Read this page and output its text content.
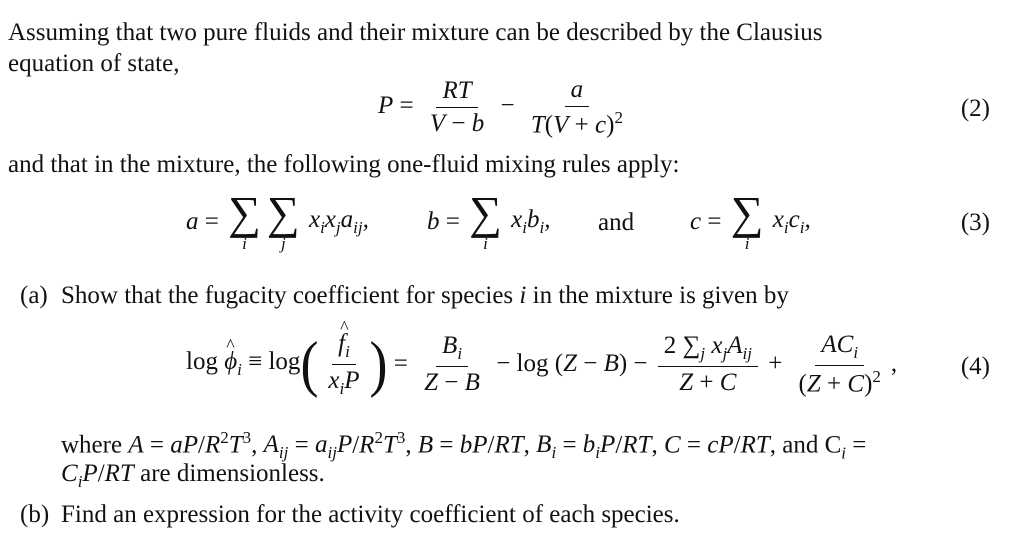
Assuming that two pure fluids and their mixture can be described by the Clausius
equation of state,
$P = \frac{RT}{V - b} - \frac{a}{T(V + c)^2}$	(2)
and that in the mixture, the following one-fluid mixing rules apply:
a = ∑
i
∑
j
$x_ix_ja_{ij}$, b = ∑
i
$x_ib_i$, and c = ∑
i
$x_ic_i$,	(3)
(a) Show that the fugacity coefficient for species i in the mixture is given by
log ^ $\phi_i \equiv \log$(
^ $\frac{f_i}{x_iP}$ ) = $\frac{B_i}{Z - B} - \log (Z - B) - \frac{2 \sum_j x_jA_{ij}}{Z + C} + \frac{AC_i}{(Z + C)^2}$ ,	(4)
where $A = aP/R^2T^3$, $A_{ij} = a_{ij}P/R^2T^3$, B = bP/RT, $B_i = b_iP/RT$, C = cP/RT, and $C_i$ =
$C_iP/RT$ are dimensionless.
(b) Find an expression for the activity coefficient of each species.
